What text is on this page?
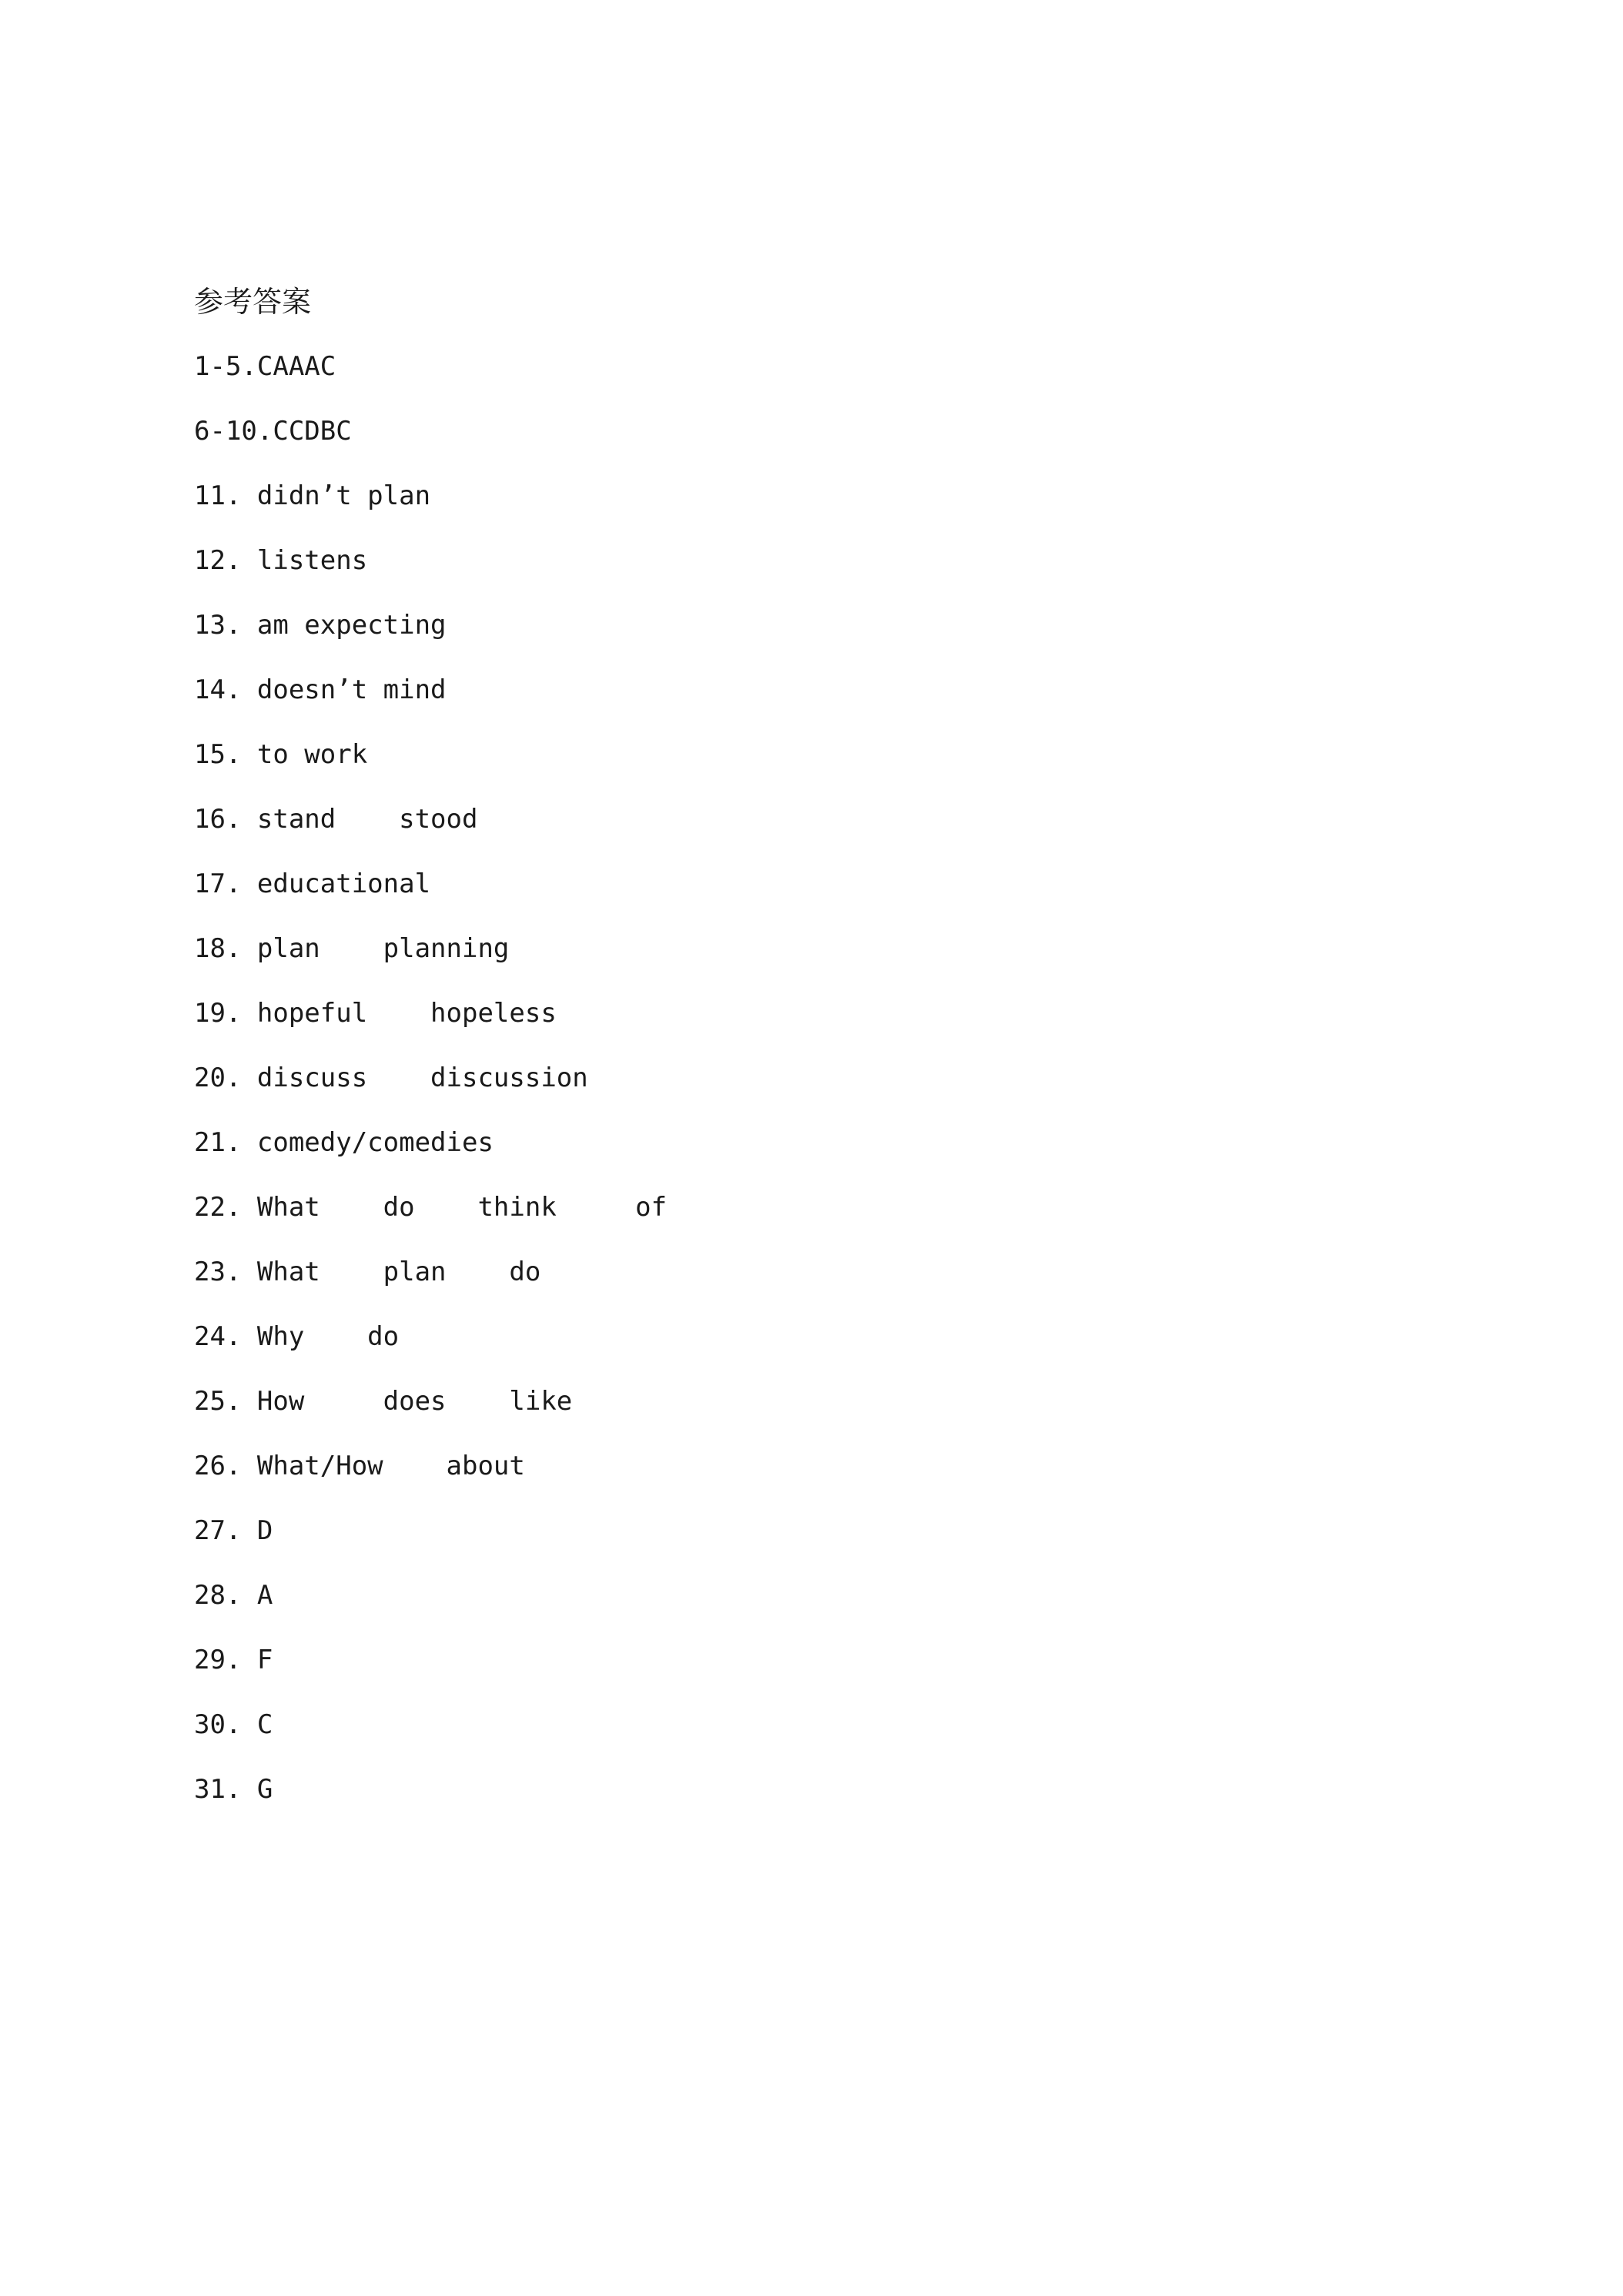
参考答案
1-5.CAAAC
6-10.CCDBC
11. didn’t plan
12. listens
13. am expecting
14. doesn’t mind
15. to work
16. stand    stood
17. educational
18. plan    planning
19. hopeful    hopeless
20. discuss    discussion
21. comedy/comedies
22. What    do    think     of
23. What    plan    do
24. Why    do
25. How     does    like
26. What/How    about
27. D
28. A
29. F
30. C
31. G
